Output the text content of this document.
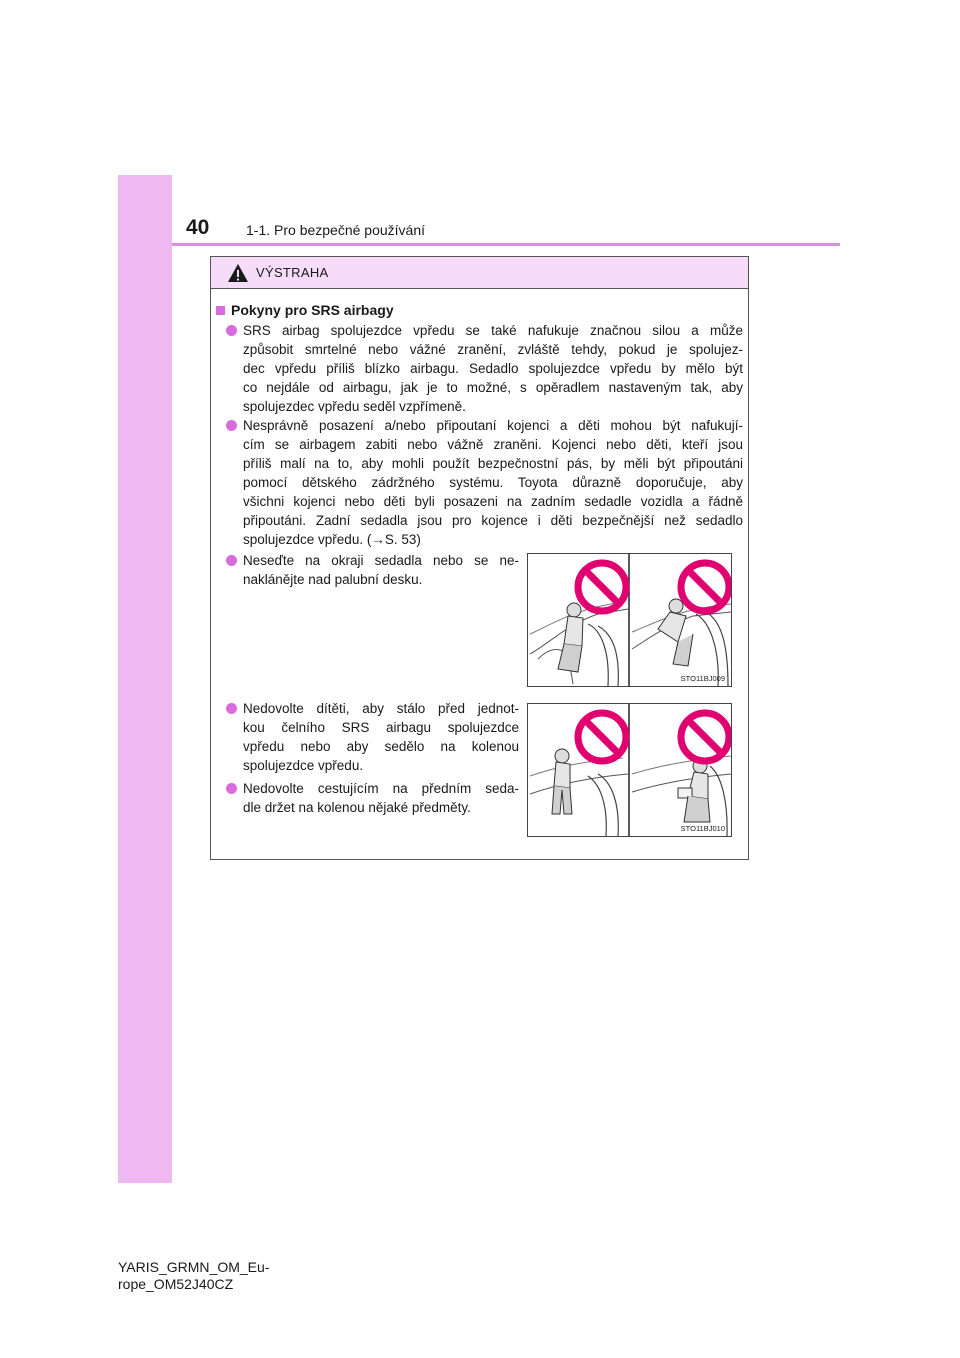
40	1-1. Pro bezpečné používání
VÝSTRAHA
Pokyny pro SRS airbagy
SRS airbag spolujezdce vpředu se také nafukuje značnou silou a může
způsobit smrtelné nebo vážné zranění, zvláště tehdy, pokud je spolujez-
dec vpředu příliš blízko airbagu. Sedadlo spolujezdce vpředu by mělo být
co nejdále od airbagu, jak je to možné, s opěradlem nastaveným tak, aby
spolujezdec vpředu seděl vzpřímeně.
Nesprávně posazení a/nebo připoutaní kojenci a děti mohou být nafukují-
cím se airbagem zabiti nebo vážně zraněni. Kojenci nebo děti, kteří jsou
příliš malí na to, aby mohli použít bezpečnostní pás, by měli být připoutáni
pomocí dětského zádržného systému. Toyota důrazně doporučuje, aby
všichni kojenci nebo děti byli posazeni na zadním sedadle vozidla a řádně
připoutáni. Zadní sedadla jsou pro kojence i děti bezpečnější než sedadlo
spolujezdce vpředu. (→S. 53)
Neseďte na okraji sedadla nebo se ne-
naklánějte nad palubní desku.
STO11BJ009
Nedovolte dítěti, aby stálo před jednot-
kou čelního SRS airbagu spolujezdce
vpředu nebo aby sedělo na kolenou
spolujezdce vpředu.
Nedovolte cestujícím na předním seda-
dle držet na kolenou nějaké předměty.
STO11BJ010
YARIS_GRMN_OM_Eu-
rope_OM52J40CZ
